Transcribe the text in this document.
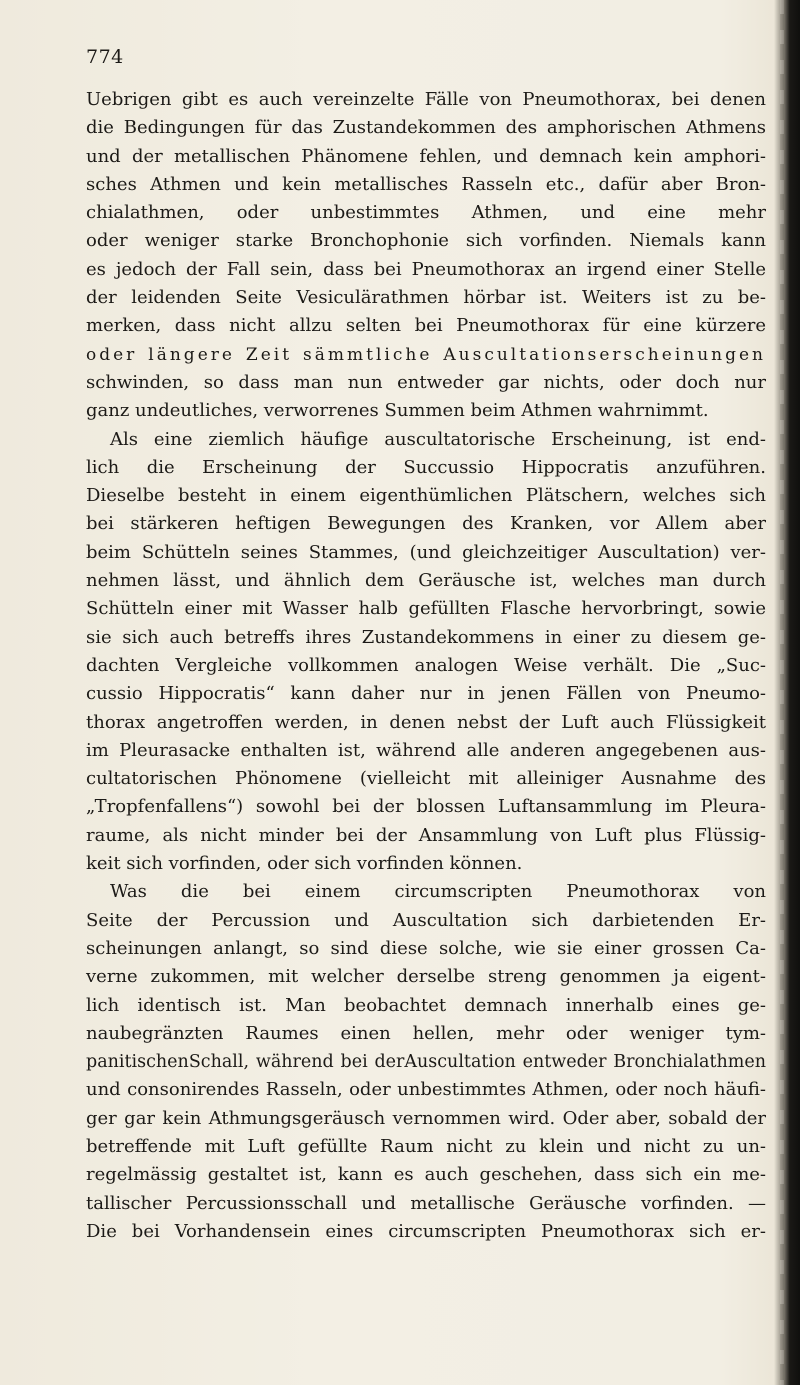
774
Uebrigen gibt es auch vereinzelte Fälle von Pneumothorax, bei denen
die Bedingungen für das Zustandekommen des amphorischen Athmens
und der metallischen Phänomene fehlen, und demnach kein amphori-
sches Athmen und kein metallisches Rasseln etc., dafür aber Bron-
chialathmen, oder unbestimmtes Athmen, und eine mehr
oder weniger starke Bronchophonie sich vorfinden. Niemals kann
es jedoch der Fall sein, dass bei Pneumothorax an irgend einer Stelle
der leidenden Seite Vesiculärathmen hörbar ist. Weiters ist zu be-
merken, dass nicht allzu selten bei Pneumothorax für eine kürzere
oder längere Zeit sämmtliche Auscultationserscheinungen
schwinden, so dass man nun entweder gar nichts, oder doch nur
ganz undeutliches, verworrenes Summen beim Athmen wahrnimmt.
Als eine ziemlich häufige auscultatorische Erscheinung, ist end-
lich die Erscheinung der Succussio Hippocratis anzuführen.
Dieselbe besteht in einem eigenthümlichen Plätschern, welches sich
bei stärkeren heftigen Bewegungen des Kranken, vor Allem aber
beim Schütteln seines Stammes, (und gleichzeitiger Auscultation) ver-
nehmen lässt, und ähnlich dem Geräusche ist, welches man durch
Schütteln einer mit Wasser halb gefüllten Flasche hervorbringt, sowie
sie sich auch betreffs ihres Zustandekommens in einer zu diesem ge-
dachten Vergleiche vollkommen analogen Weise verhält. Die „Suc-
cussio Hippocratis“ kann daher nur in jenen Fällen von Pneumo-
thorax angetroffen werden, in denen nebst der Luft auch Flüssigkeit
im Pleurasacke enthalten ist, während alle anderen angegebenen aus-
cultatorischen Phönomene (vielleicht mit alleiniger Ausnahme des
„Tropfenfallens“) sowohl bei der blossen Luftansammlung im Pleura-
raume, als nicht minder bei der Ansammlung von Luft plus Flüssig-
keit sich vorfinden, oder sich vorfinden können.
Was die bei einem circumscripten Pneumothorax von
Seite der Percussion und Auscultation sich darbietenden Er-
scheinungen anlangt, so sind diese solche, wie sie einer grossen Ca-
verne zukommen, mit welcher derselbe streng genommen ja eigent-
lich identisch ist. Man beobachtet demnach innerhalb eines ge-
naubegränzten Raumes einen hellen, mehr oder weniger tym-
panitischenSchall, während bei derAuscultation entweder Bronchialathmen
und consonirendes Rasseln, oder unbestimmtes Athmen, oder noch häufi-
ger gar kein Athmungsgeräusch vernommen wird. Oder aber, sobald der
betreffende mit Luft gefüllte Raum nicht zu klein und nicht zu un-
regelmässig gestaltet ist, kann es auch geschehen, dass sich ein me-
tallischer Percussionsschall und metallische Geräusche vorfinden. —
Die bei Vorhandensein eines circumscripten Pneumothorax sich er-
